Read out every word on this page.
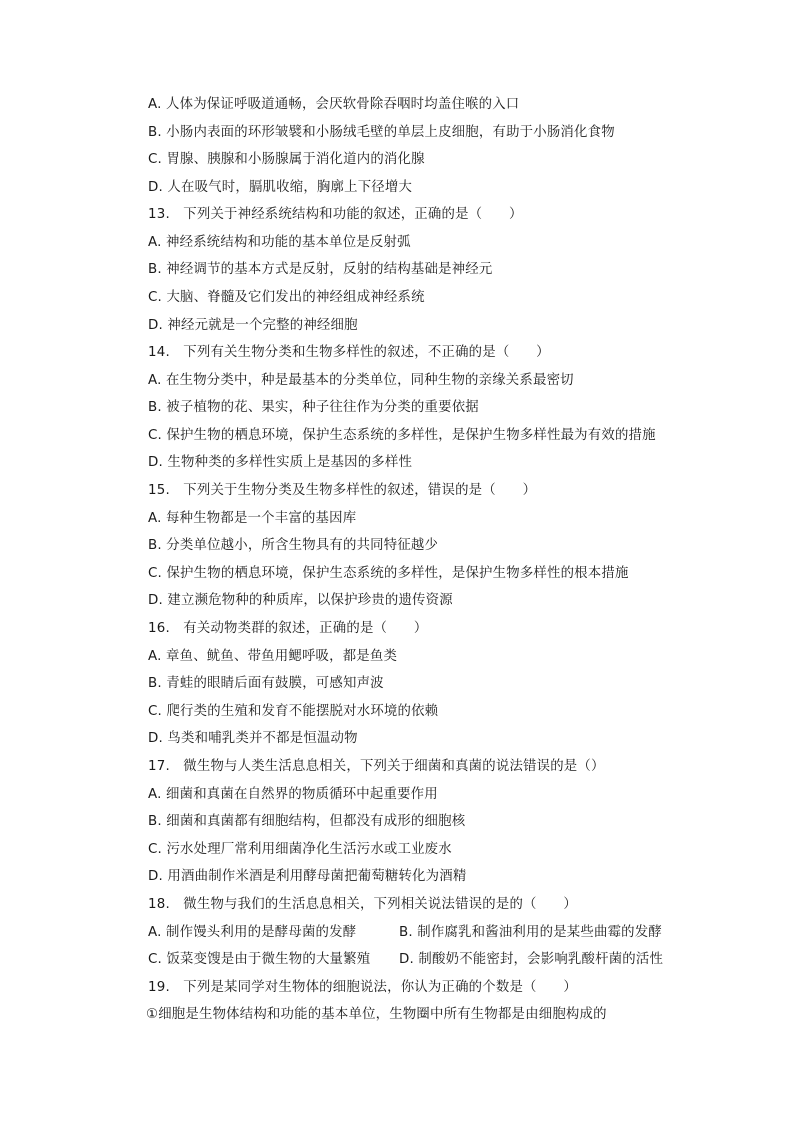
A. 人体为保证呼吸道通畅，会厌软骨除吞咽时均盖住喉的入口
B. 小肠内表面的环形皱襞和小肠绒毛壁的单层上皮细胞，有助于小肠消化食物
C. 胃腺、胰腺和小肠腺属于消化道内的消化腺
D. 人在吸气时，膈肌收缩，胸廓上下径增大
13.   下列关于神经系统结构和功能的叙述，正确的是（      ）
A. 神经系统结构和功能的基本单位是反射弧
B. 神经调节的基本方式是反射，反射的结构基础是神经元
C. 大脑、脊髓及它们发出的神经组成神经系统
D. 神经元就是一个完整的神经细胞
14.   下列有关生物分类和生物多样性的叙述，不正确的是（      ）
A. 在生物分类中，种是最基本的分类单位，同种生物的亲缘关系最密切
B. 被子植物的花、果实，种子往往作为分类的重要依据
C. 保护生物的栖息环境，保护生态系统的多样性，是保护生物多样性最为有效的措施
D. 生物种类的多样性实质上是基因的多样性
15.   下列关于生物分类及生物多样性的叙述，错误的是（      ）
A. 每种生物都是一个丰富的基因库
B. 分类单位越小，所含生物具有的共同特征越少
C. 保护生物的栖息环境，保护生态系统的多样性，是保护生物多样性的根本措施
D. 建立濒危物种的种质库，以保护珍贵的遗传资源
16.   有关动物类群的叙述，正确的是（      ）
A. 章鱼、鱿鱼、带鱼用鳃呼吸，都是鱼类
B. 青蛙的眼睛后面有鼓膜，可感知声波
C. 爬行类的生殖和发育不能摆脱对水环境的依赖
D. 鸟类和哺乳类并不都是恒温动物
17.   微生物与人类生活息息相关，下列关于细菌和真菌的说法错误的是（）
A. 细菌和真菌在自然界的物质循环中起重要作用
B. 细菌和真菌都有细胞结构，但都没有成形的细胞核
C. 污水处理厂常利用细菌净化生活污水或工业废水
D. 用酒曲制作米酒是利用酵母菌把葡萄糖转化为酒精
18.   微生物与我们的生活息息相关，下列相关说法错误的是的（      ）
A. 制作馒头利用的是酵母菌的发酵	B. 制作腐乳和酱油利用的是某些曲霉的发酵
C. 饭菜变馊是由于微生物的大量繁殖 D. 制酸奶不能密封，会影响乳酸杆菌的活性
19.   下列是某同学对生物体的细胞说法，你认为正确的个数是（      ）
①细胞是生物体结构和功能的基本单位，生物圈中所有生物都是由细胞构成的
